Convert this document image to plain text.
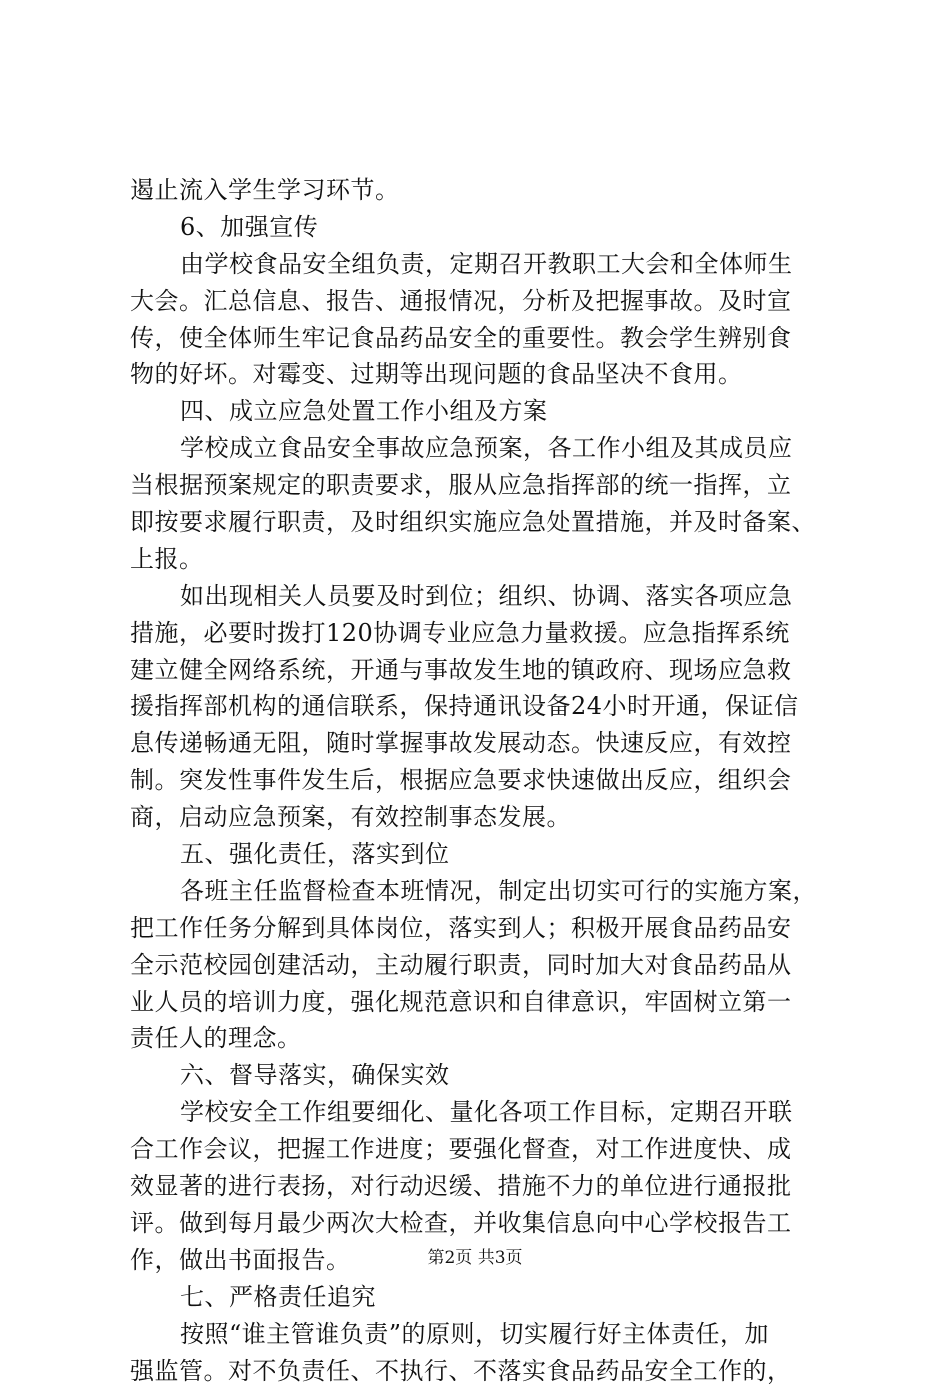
遏止流入学生学习环节。
6、加强宣传
由学校食品安全组负责，定期召开教职工大会和全体师生
大会。汇总信息、报告、通报情况，分析及把握事故。及时宣
传，使全体师生牢记食品药品安全的重要性。教会学生辨别食
物的好坏。对霉变、过期等出现问题的食品坚决不食用。
四、成立应急处置工作小组及方案
学校成立食品安全事故应急预案，各工作小组及其成员应
当根据预案规定的职责要求，服从应急指挥部的统一指挥，立
即按要求履行职责，及时组织实施应急处置措施，并及时备案、
上报。
如出现相关人员要及时到位；组织、协调、落实各项应急
措施，必要时拨打120协调专业应急力量救援。应急指挥系统
建立健全网络系统，开通与事故发生地的镇政府、现场应急救
援指挥部机构的通信联系，保持通讯设备24小时开通，保证信
息传递畅通无阻，随时掌握事故发展动态。快速反应，有效控
制。突发性事件发生后，根据应急要求快速做出反应，组织会
商，启动应急预案，有效控制事态发展。
五、强化责任，落实到位
各班主任监督检查本班情况，制定出切实可行的实施方案，
把工作任务分解到具体岗位，落实到人；积极开展食品药品安
全示范校园创建活动，主动履行职责，同时加大对食品药品从
业人员的培训力度，强化规范意识和自律意识，牢固树立第一
责任人的理念。
六、督导落实，确保实效
学校安全工作组要细化、量化各项工作目标，定期召开联
合工作会议，把握工作进度；要强化督查，对工作进度快、成
效显著的进行表扬，对行动迟缓、措施不力的单位进行通报批
评。做到每月最少两次大检查，并收集信息向中心学校报告工
作，做出书面报告。
七、严格责任追究
按照“谁主管谁负责”的原则，切实履行好主体责任，加
强监管。对不负责任、不执行、不落实食品药品安全工作的，
第2页 共3页
